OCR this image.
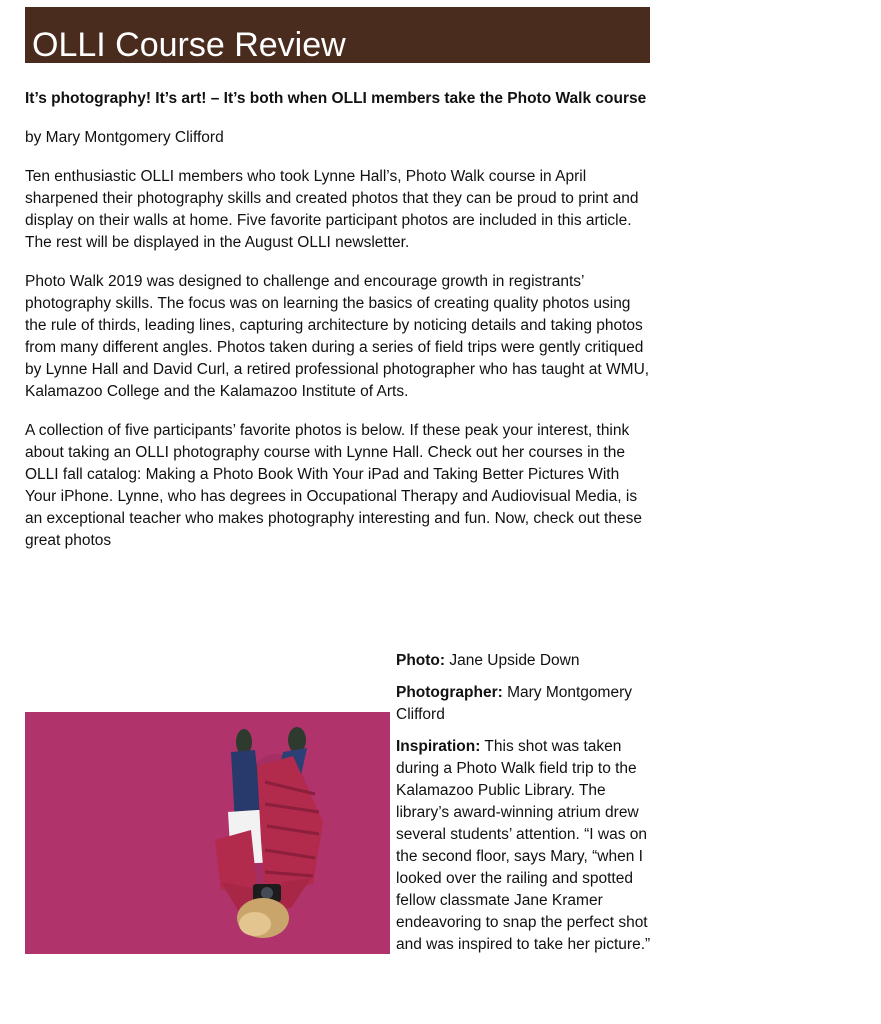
OLLI Course Review

It’s photography! It’s art! – It’s both when OLLI members take the Photo Walk course

by Mary Montgomery Clifford

Ten enthusiastic OLLI members who took Lynne Hall’s, Photo Walk course in April sharpened their photography skills and created photos that they can be proud to print and display on their walls at home. Five favorite participant photos are included in this article. The rest will be displayed in the August OLLI newsletter.

Photo Walk 2019 was designed to challenge and encourage growth in registrants’ photography skills. The focus was on learning the basics of creating quality photos using the rule of thirds, leading lines, capturing architecture by noticing details and taking photos from many different angles. Photos taken during a series of field trips were gently critiqued by Lynne Hall and David Curl, a retired professional photographer who has taught at WMU, Kalamazoo College and the Kalamazoo Institute of Arts.

A collection of five participants’ favorite photos is below. If these peak your interest, think about taking an OLLI photography course with Lynne Hall. Check out her courses in the OLLI fall catalog: Making a Photo Book With Your iPad and Taking Better Pictures With Your iPhone. Lynne, who has degrees in Occupational Therapy and Audiovisual Media, is an exceptional teacher who makes photography interesting and fun. Now, check out these great photos

Photo: Jane Upside Down

Photographer: Mary Montgomery Clifford

Inspiration: This shot was taken during a Photo Walk field trip to the Kalamazoo Public Library. The library’s award-winning atrium drew several students’ attention. “I was on the second floor, says Mary, “when I looked over the railing and spotted fellow classmate Jane Kramer endeavoring to snap the perfect shot and was inspired to take her picture.”
